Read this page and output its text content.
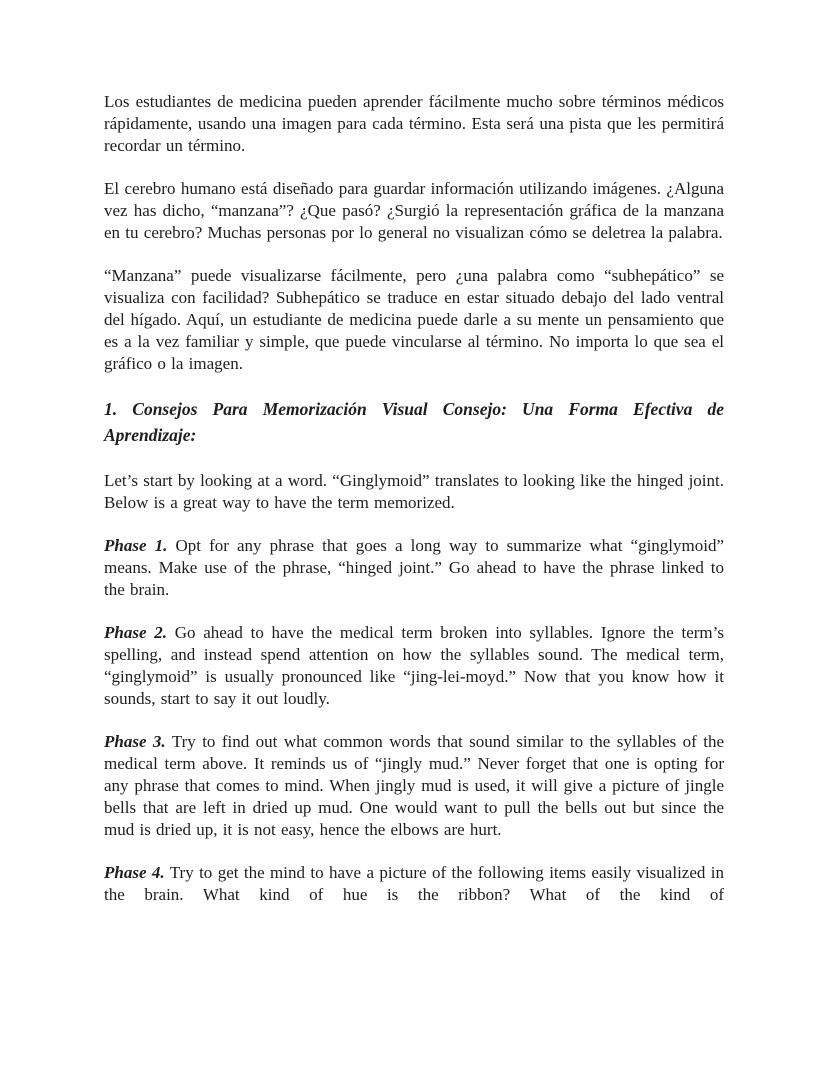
Los estudiantes de medicina pueden aprender fácilmente mucho sobre términos médicos rápidamente, usando una imagen para cada término. Esta será una pista que les permitirá recordar un término.

El cerebro humano está diseñado para guardar información utilizando imágenes. ¿Alguna vez has dicho, “manzana”? ¿Que pasó? ¿Surgió la representación gráfica de la manzana en tu cerebro? Muchas personas por lo general no visualizan cómo se deletrea la palabra.

“Manzana” puede visualizarse fácilmente, pero ¿una palabra como “subhepático” se visualiza con facilidad? Subhepático se traduce en estar situado debajo del lado ventral del hígado. Aquí, un estudiante de medicina puede darle a su mente un pensamiento que es a la vez familiar y simple, que puede vincularse al término. No importa lo que sea el gráfico o la imagen.

1. Consejos Para Memorización Visual Consejo: Una Forma Efectiva de Aprendizaje:

Let’s start by looking at a word. “Ginglymoid” translates to looking like the hinged joint. Below is a great way to have the term memorized.

Phase 1. Opt for any phrase that goes a long way to summarize what “ginglymoid” means. Make use of the phrase, “hinged joint.” Go ahead to have the phrase linked to the brain.

Phase 2. Go ahead to have the medical term broken into syllables. Ignore the term’s spelling, and instead spend attention on how the syllables sound. The medical term, “ginglymoid” is usually pronounced like “jing-lei-moyd.” Now that you know how it sounds, start to say it out loudly.

Phase 3. Try to find out what common words that sound similar to the syllables of the medical term above. It reminds us of “jingly mud.” Never forget that one is opting for any phrase that comes to mind. When jingly mud is used, it will give a picture of jingle bells that are left in dried up mud. One would want to pull the bells out but since the mud is dried up, it is not easy, hence the elbows are hurt.

Phase 4. Try to get the mind to have a picture of the following items easily visualized in the brain. What kind of hue is the ribbon? What of the kind of
